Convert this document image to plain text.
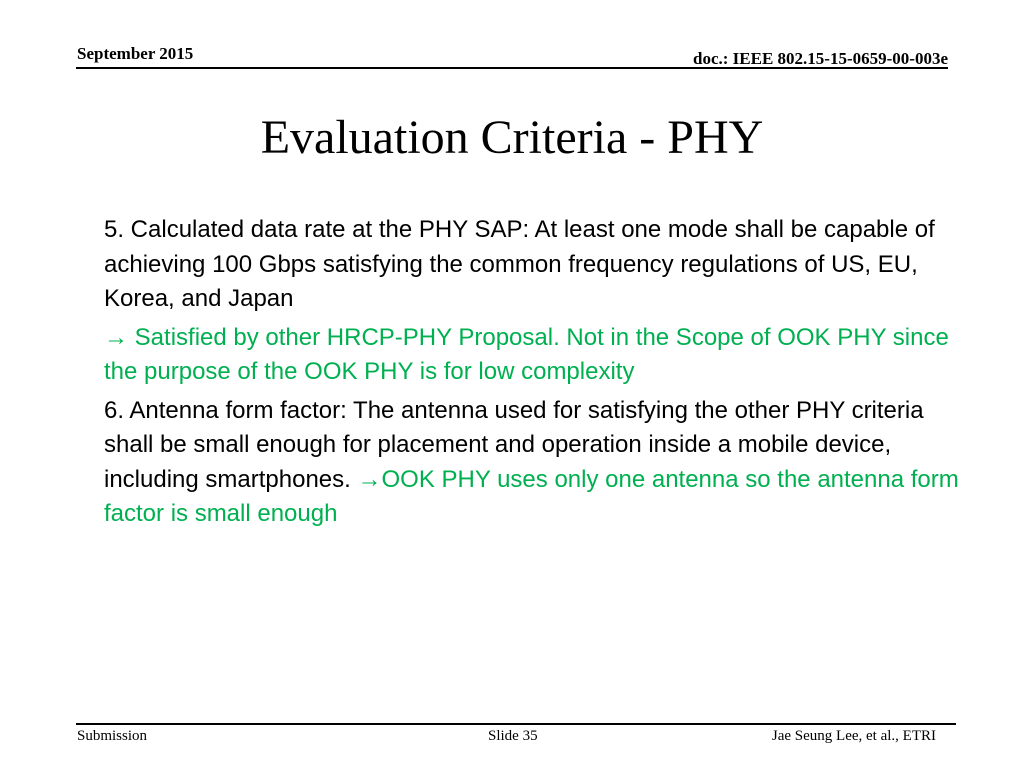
September 2015	doc.: IEEE 802.15-15-0659-00-003e
Evaluation Criteria - PHY

5. Calculated data rate at the PHY SAP: At least one mode shall be capable of achieving 100 Gbps satisfying the common frequency regulations of US, EU, Korea, and Japan

→ Satisfied by other HRCP-PHY Proposal. Not in the Scope of OOK PHY since the purpose of the OOK PHY is for low complexity

6. Antenna form factor: The antenna used for satisfying the other PHY criteria shall be small enough for placement and operation inside a mobile device, including smartphones. →OOK PHY uses only one antenna so the antenna form factor is small enough

Submission	Slide 35	Jae Seung Lee, et al., ETRI
